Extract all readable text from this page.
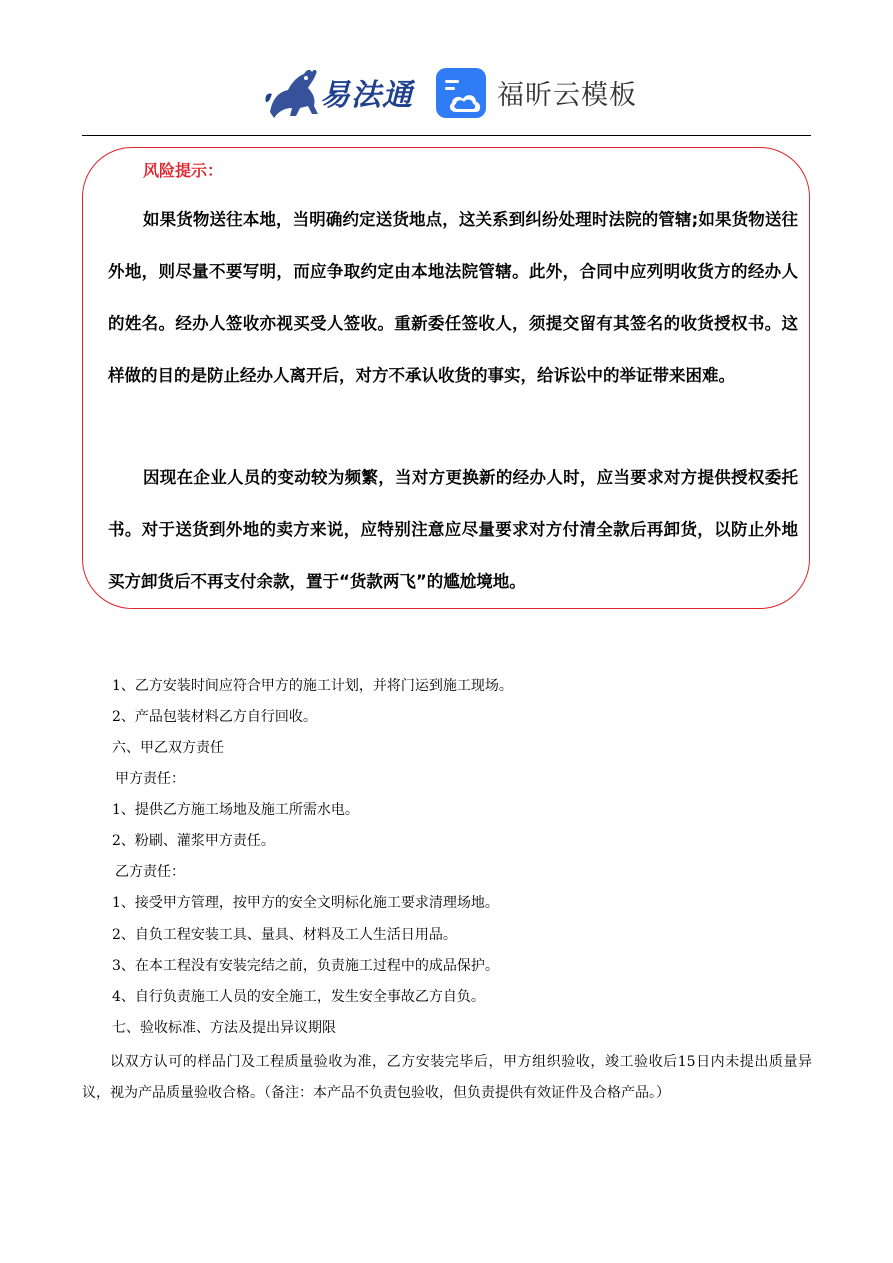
易法通	福昕云模板
风险提示：

如果货物送往本地，当明确约定送货地点，这关系到纠纷处理时法院的管辖;如果货物送往外地，则尽量不要写明，而应争取约定由本地法院管辖。此外，合同中应列明收货方的经办人的姓名。经办人签收亦视买受人签收。重新委任签收人，须提交留有其签名的收货授权书。这样做的目的是防止经办人离开后，对方不承认收货的事实，给诉讼中的举证带来困难。

因现在企业人员的变动较为频繁，当对方更换新的经办人时，应当要求对方提供授权委托书。对于送货到外地的卖方来说，应特别注意应尽量要求对方付清全款后再卸货，以防止外地买方卸货后不再支付余款，置于“货款两飞”的尴尬境地。

1、乙方安装时间应符合甲方的施工计划，并将门运到施工现场。
2、产品包装材料乙方自行回收。
六、甲乙双方责任
甲方责任：
1、提供乙方施工场地及施工所需水电。
2、粉刷、灌浆甲方责任。
乙方责任：
1、接受甲方管理，按甲方的安全文明标化施工要求清理场地。
2、自负工程安装工具、量具、材料及工人生活日用品。
3、在本工程没有安装完结之前，负责施工过程中的成品保护。
4、自行负责施工人员的安全施工，发生安全事故乙方自负。
七、验收标准、方法及提出异议期限

以双方认可的样品门及工程质量验收为准，乙方安装完毕后，甲方组织验收，竣工验收后15日内未提出质量异议，视为产品质量验收合格。（备注：本产品不负责包验收，但负责提供有效证件及合格产品。）
